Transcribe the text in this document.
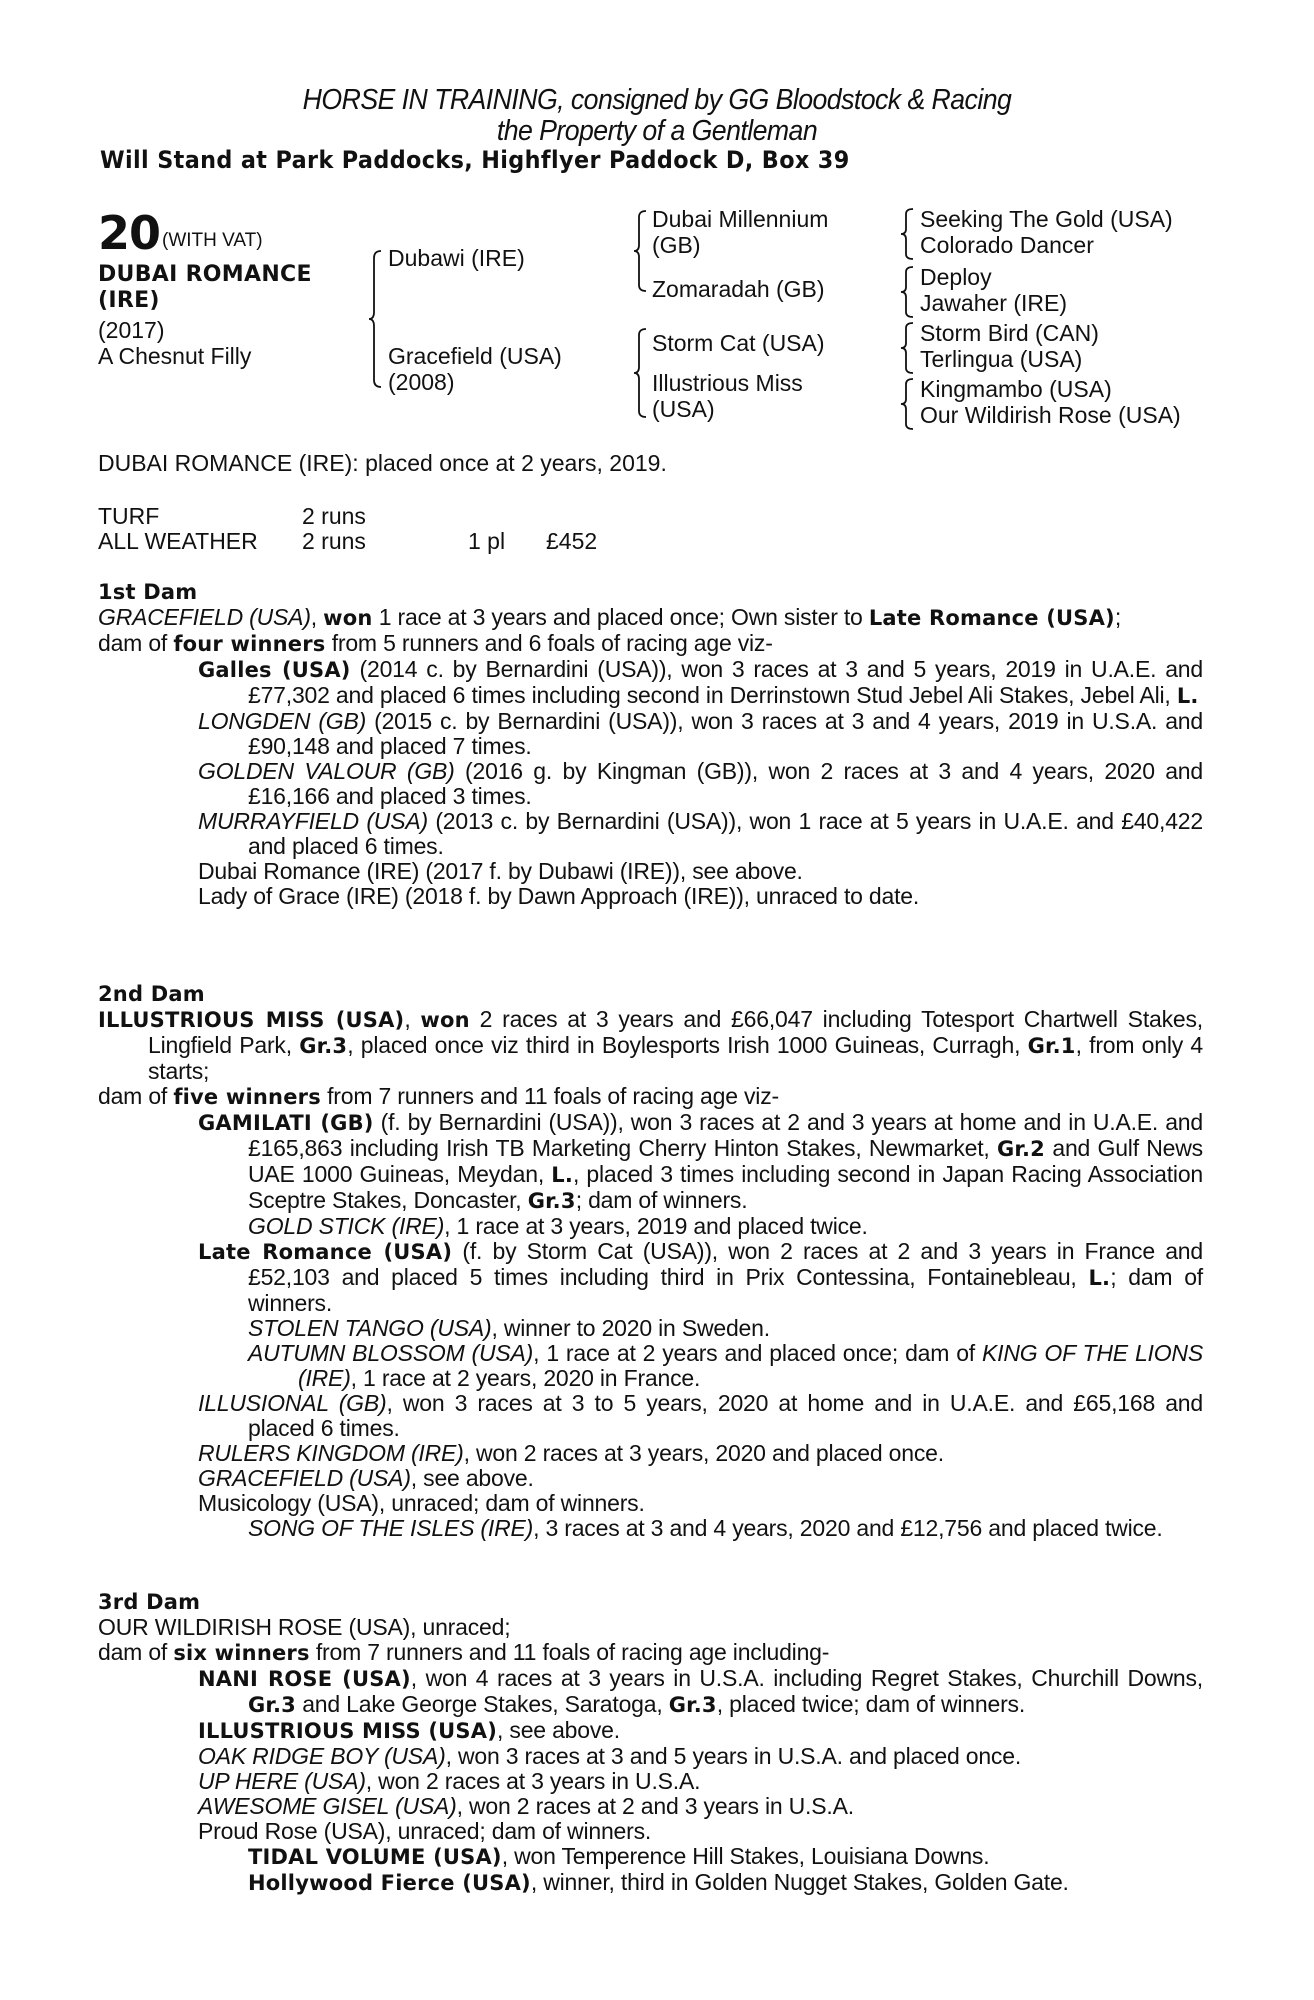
HORSE IN TRAINING, consigned by GG Bloodstock & Racing
the Property of a Gentleman
Will Stand at Park Paddocks, Highflyer Paddock D, Box 39
20 (WITH VAT)
DUBAI ROMANCE (IRE)
(2017)
A Chesnut Filly
Dubawi (IRE)
Gracefield (USA)
(2008)
Dubai Millennium (GB)
Zomaradah (GB)
Storm Cat (USA)
Illustrious Miss (USA)
Seeking The Gold (USA)
Colorado Dancer
Deploy
Jawaher (IRE)
Storm Bird (CAN)
Terlingua (USA)
Kingmambo (USA)
Our Wildirish Rose (USA)
DUBAI ROMANCE (IRE): placed once at 2 years, 2019.
TURF	2 runs
ALL WEATHER 2 runs	1 pl £452
1st Dam
GRACEFIELD (USA), won 1 race at 3 years and placed once; Own sister to Late Romance (USA);
dam of four winners from 5 runners and 6 foals of racing age viz-
Galles (USA) (2014 c. by Bernardini (USA)), won 3 races at 3 and 5 years, 2019 in U.A.E. and £77,302 and placed 6 times including second in Derrinstown Stud Jebel Ali Stakes, Jebel Ali, L.
LONGDEN (GB) (2015 c. by Bernardini (USA)), won 3 races at 3 and 4 years, 2019 in U.S.A. and £90,148 and placed 7 times.
GOLDEN VALOUR (GB) (2016 g. by Kingman (GB)), won 2 races at 3 and 4 years, 2020 and £16,166 and placed 3 times.
MURRAYFIELD (USA) (2013 c. by Bernardini (USA)), won 1 race at 5 years in U.A.E. and £40,422 and placed 6 times.
Dubai Romance (IRE) (2017 f. by Dubawi (IRE)), see above.
Lady of Grace (IRE) (2018 f. by Dawn Approach (IRE)), unraced to date.
2nd Dam
ILLUSTRIOUS MISS (USA), won 2 races at 3 years and £66,047 including Totesport Chartwell Stakes, Lingfield Park, Gr.3, placed once viz third in Boylesports Irish 1000 Guineas, Curragh, Gr.1, from only 4 starts;
dam of five winners from 7 runners and 11 foals of racing age viz-
GAMILATI (GB) (f. by Bernardini (USA)), won 3 races at 2 and 3 years at home and in U.A.E. and £165,863 including Irish TB Marketing Cherry Hinton Stakes, Newmarket, Gr.2 and Gulf News UAE 1000 Guineas, Meydan, L., placed 3 times including second in Japan Racing Association Sceptre Stakes, Doncaster, Gr.3; dam of winners.
GOLD STICK (IRE), 1 race at 3 years, 2019 and placed twice.
Late Romance (USA) (f. by Storm Cat (USA)), won 2 races at 2 and 3 years in France and £52,103 and placed 5 times including third in Prix Contessina, Fontainebleau, L.; dam of winners.
STOLEN TANGO (USA), winner to 2020 in Sweden.
AUTUMN BLOSSOM (USA), 1 race at 2 years and placed once; dam of KING OF THE LIONS (IRE), 1 race at 2 years, 2020 in France.
ILLUSIONAL (GB), won 3 races at 3 to 5 years, 2020 at home and in U.A.E. and £65,168 and placed 6 times.
RULERS KINGDOM (IRE), won 2 races at 3 years, 2020 and placed once.
GRACEFIELD (USA), see above.
Musicology (USA), unraced; dam of winners.
SONG OF THE ISLES (IRE), 3 races at 3 and 4 years, 2020 and £12,756 and placed twice.
3rd Dam
OUR WILDIRISH ROSE (USA), unraced;
dam of six winners from 7 runners and 11 foals of racing age including-
NANI ROSE (USA), won 4 races at 3 years in U.S.A. including Regret Stakes, Churchill Downs, Gr.3 and Lake George Stakes, Saratoga, Gr.3, placed twice; dam of winners.
ILLUSTRIOUS MISS (USA), see above.
OAK RIDGE BOY (USA), won 3 races at 3 and 5 years in U.S.A. and placed once.
UP HERE (USA), won 2 races at 3 years in U.S.A.
AWESOME GISEL (USA), won 2 races at 2 and 3 years in U.S.A.
Proud Rose (USA), unraced; dam of winners.
TIDAL VOLUME (USA), won Temperence Hill Stakes, Louisiana Downs.
Hollywood Fierce (USA), winner, third in Golden Nugget Stakes, Golden Gate.
